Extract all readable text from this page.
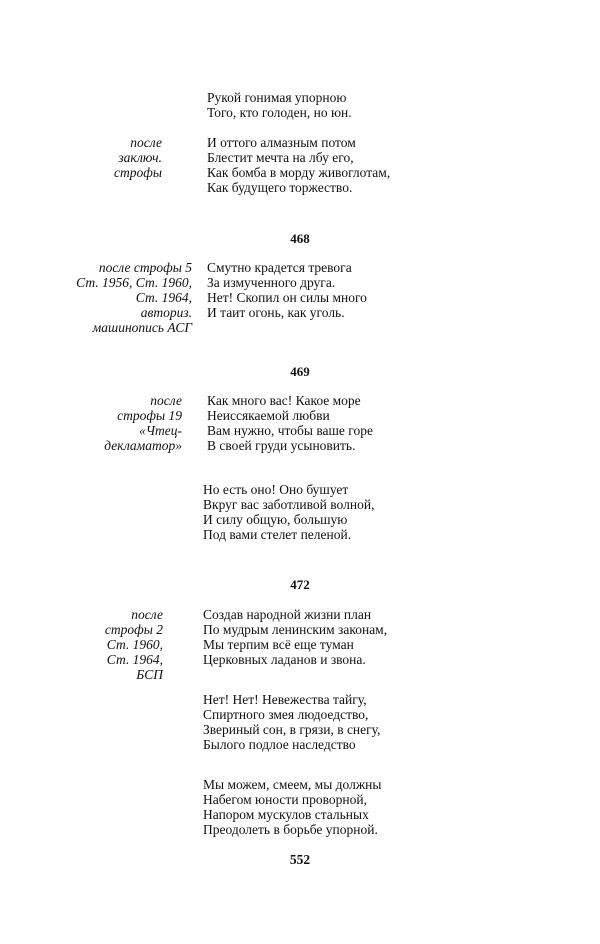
Рукой гонимая упорною
Того, кто голоден, но юн.
после
заключ.
строфы
И оттого алмазным потом
Блестит мечта на лбу его,
Как бомба в морду живоглотам,
Как будущего торжество.
468
после строфы 5
Ст. 1956, Ст. 1960,
Ст. 1964,
авториз.
машинопись АСГ
Смутно крадется тревога
За измученного друга.
Нет! Скопил он силы много
И таит огонь, как уголь.
469
после
строфы 19
«Чтец-
декламатор»
Как много вас! Какое море
Неиссякаемой любви
Вам нужно, чтобы ваше горе
В своей груди усыновить.
Но есть оно! Оно бушует
Вкруг вас заботливой волной,
И силу общую, большую
Под вами стелет пеленой.
472
после
строфы 2
Ст. 1960,
Ст. 1964,
БСП
Создав народной жизни план
По мудрым ленинским законам,
Мы терпим всё еще туман
Церковных ладанов и звона.
Нет! Нет! Невежества тайгу,
Спиртного змея людоедство,
Звериный сон, в грязи, в снегу,
Былого подлое наследство
Мы можем, смеем, мы должны
Набегом юности проворной,
Напором мускулов стальных
Преодолеть в борьбе упорной.
552
